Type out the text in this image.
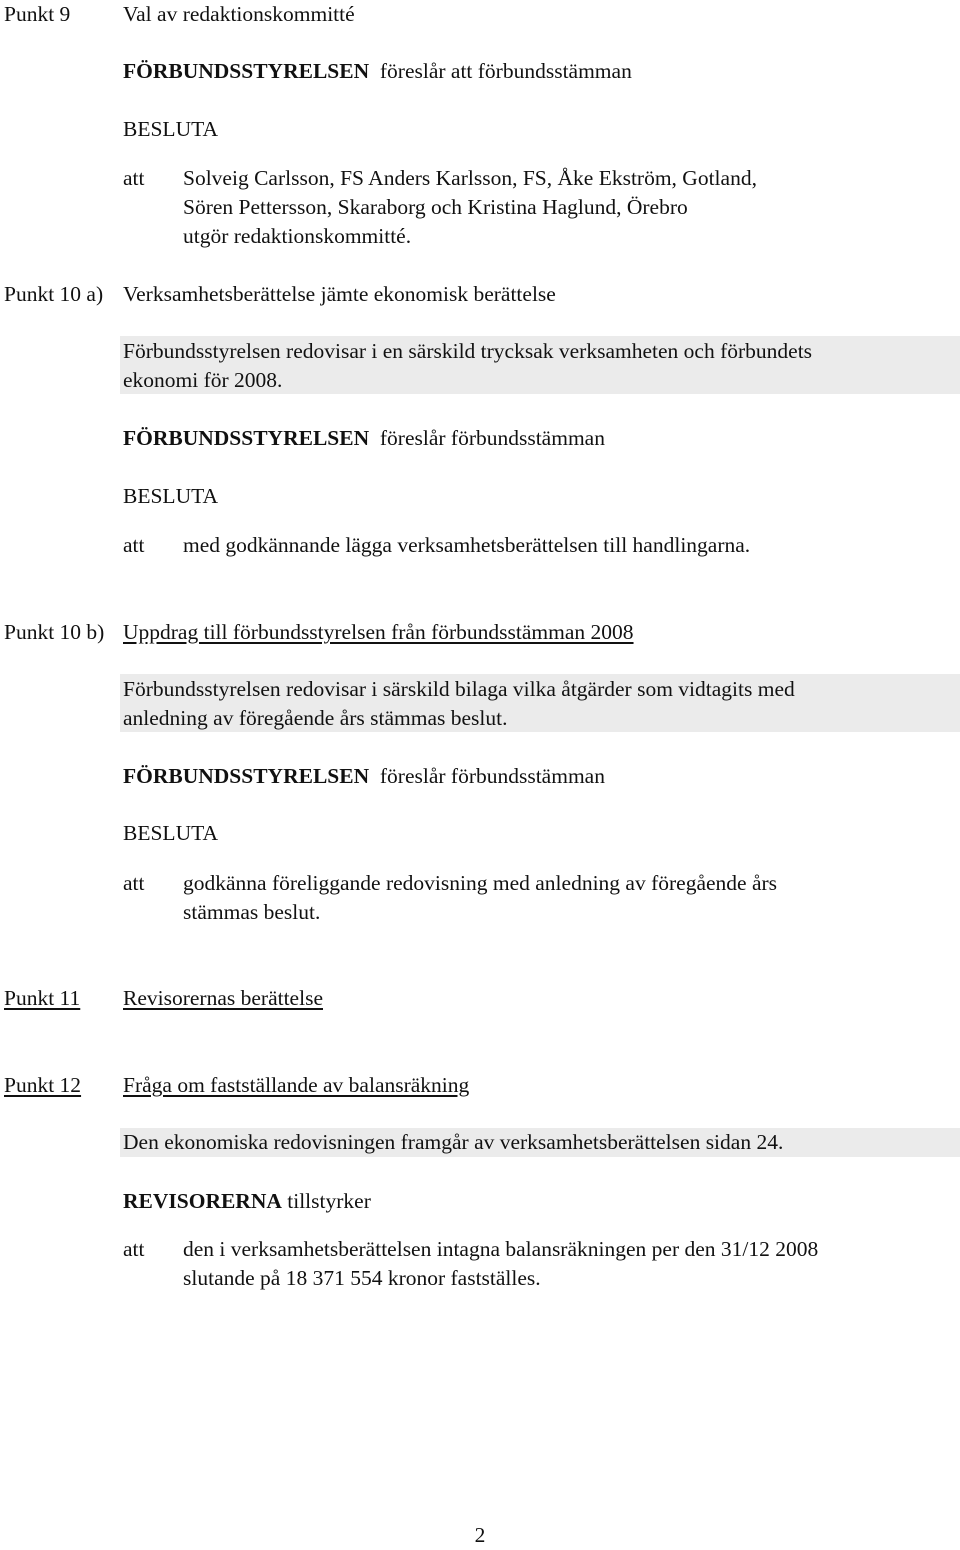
Punkt 9 Val av redaktionskommitté
FÖRBUNDSSTYRELSEN föreslår att förbundsstämman
BESLUTA
att Solveig Carlsson, FS Anders Karlsson, FS, Åke Ekström, Gotland,
Sören Pettersson, Skaraborg och Kristina Haglund, Örebro
utgör redaktionskommitté.
Punkt 10 a) Verksamhetsberättelse jämte ekonomisk berättelse
Förbundsstyrelsen redovisar i en särskild trycksak verksamheten och förbundets
ekonomi för 2008.
FÖRBUNDSSTYRELSEN föreslår förbundsstämman
BESLUTA
att med godkännande lägga verksamhetsberättelsen till handlingarna.
Punkt 10 b) Uppdrag till förbundsstyrelsen från förbundsstämman 2008
Förbundsstyrelsen redovisar i särskild bilaga vilka åtgärder som vidtagits med
anledning av föregående års stämmas beslut.
FÖRBUNDSSTYRELSEN föreslår förbundsstämman
BESLUTA
att godkänna föreliggande redovisning med anledning av föregående års
stämmas beslut.
Punkt 11 Revisorernas berättelse
Punkt 12 Fråga om fastställande av balansräkning
Den ekonomiska redovisningen framgår av verksamhetsberättelsen sidan 24.
REVISORERNA tillstyrker
att den i verksamhetsberättelsen intagna balansräkningen per den 31/12 2008
slutande på 18 371 554 kronor fastställes.
2
